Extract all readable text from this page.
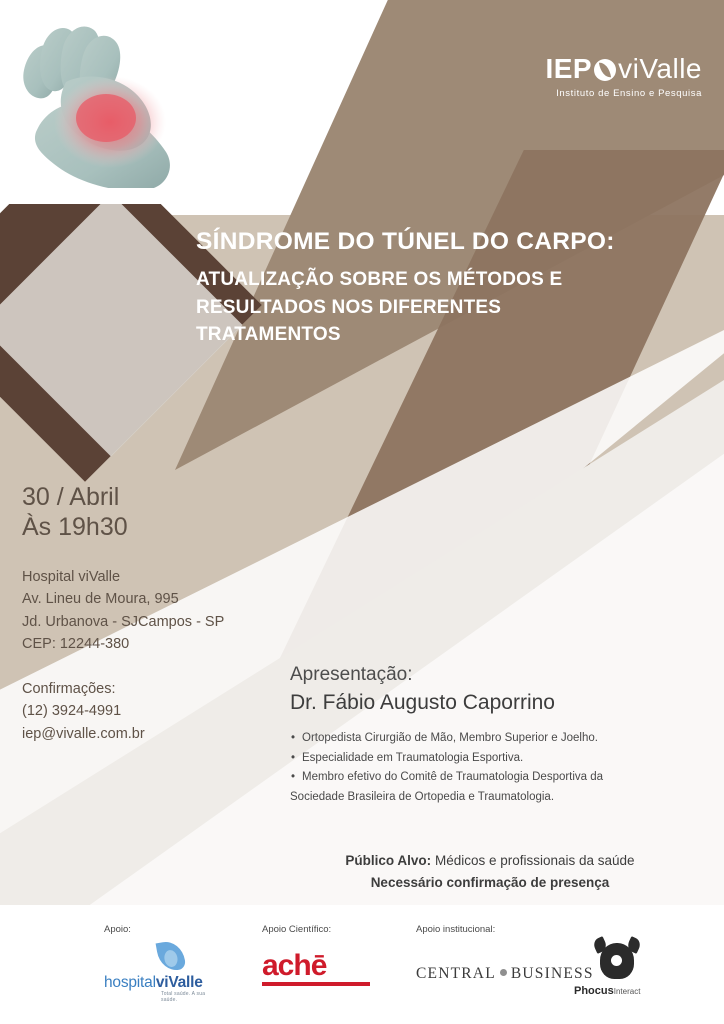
IEP viValle
Instituto de Ensino e Pesquisa
SÍNDROME DO TÚNEL DO CARPO:
ATUALIZAÇÃO SOBRE OS MÉTODOS E
RESULTADOS NOS DIFERENTES
TRATAMENTOS
30 / Abril
Às 19h30
Hospital viValle
Av. Lineu de Moura, 995
Jd. Urbanova - SJCampos - SP
CEP: 12244-380
Confirmações:
(12) 3924-4991
iep@vivalle.com.br
Apresentação:
Dr. Fábio Augusto Caporrino
• Ortopedista Cirurgião de Mão, Membro Superior e Joelho.
• Especialidade em Traumatologia Esportiva.
• Membro efetivo do Comitê de Traumatologia Desportiva da
Sociedade Brasileira de Ortopedia e Traumatologia.
Público Alvo: Médicos e profissionais da saúde
Necessário confirmação de presença
Apoio:
hospitalviValle
Total saúde. A sua saúde.
Apoio Científico:
achē
Apoio institucional:
CENTRAL BUSINESS
PhocusInteract
